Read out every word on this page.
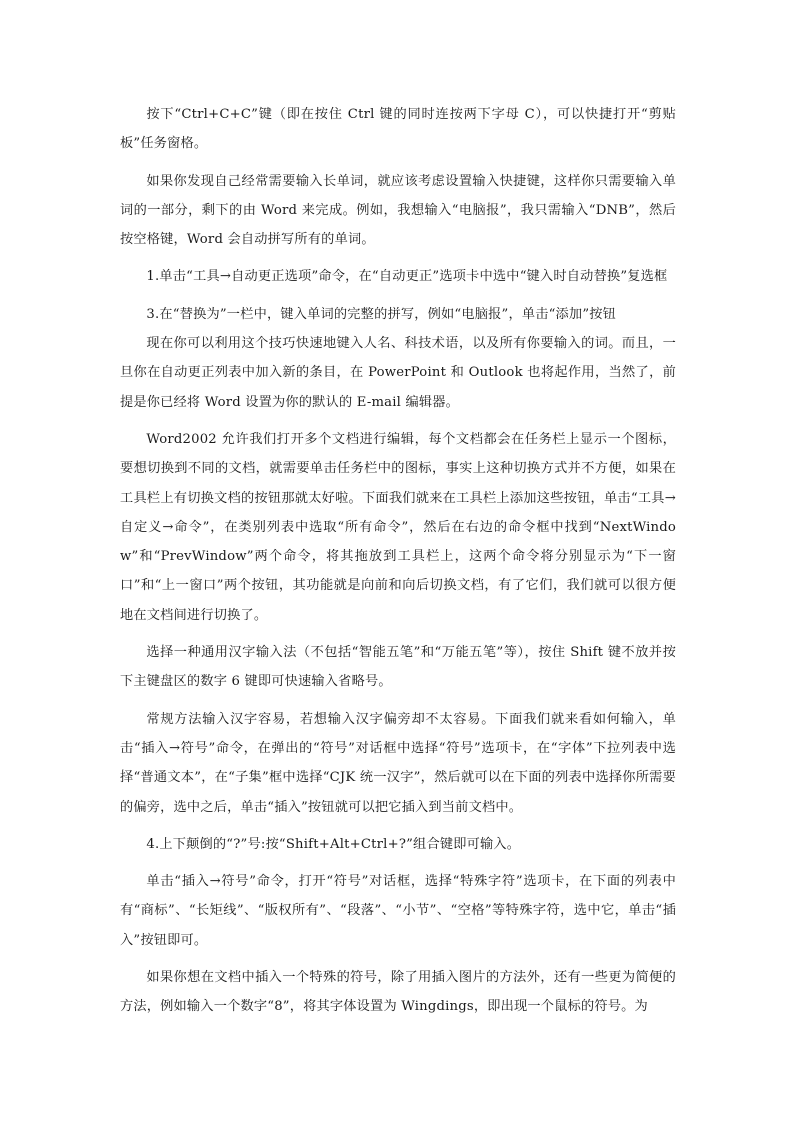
按下“Ctrl+C+C”键（即在按住 Ctrl 键的同时连按两下字母 C），可以快捷打开“剪贴板”任务窗格。

如果你发现自己经常需要输入长单词，就应该考虑设置输入快捷键，这样你只需要输入单词的一部分，剩下的由 Word 来完成。例如，我想输入“电脑报”，我只需输入“DNB”，然后按空格键，Word 会自动拼写所有的单词。

1.单击“工具→自动更正选项”命令，在“自动更正”选项卡中选中“键入时自动替换”复选框

3.在“替换为”一栏中，键入单词的完整的拼写，例如“电脑报”，单击“添加”按钮

现在你可以利用这个技巧快速地键入人名、科技术语，以及所有你要输入的词。而且，一旦你在自动更正列表中加入新的条目，在 PowerPoint 和 Outlook 也将起作用，当然了，前提是你已经将 Word 设置为你的默认的 E-mail 编辑器。

Word2002 允许我们打开多个文档进行编辑，每个文档都会在任务栏上显示一个图标，要想切换到不同的文档，就需要单击任务栏中的图标，事实上这种切换方式并不方便，如果在工具栏上有切换文档的按钮那就太好啦。下面我们就来在工具栏上添加这些按钮，单击“工具→自定义→命令”，在类别列表中选取“所有命令”，然后在右边的命令框中找到“NextWindow”和“PrevWindow”两个命令，将其拖放到工具栏上，这两个命令将分别显示为“下一窗口”和“上一窗口”两个按钮，其功能就是向前和向后切换文档，有了它们，我们就可以很方便地在文档间进行切换了。

选择一种通用汉字输入法（不包括“智能五笔”和“万能五笔”等），按住 Shift 键不放并按下主键盘区的数字 6 键即可快速输入省略号。

常规方法输入汉字容易，若想输入汉字偏旁却不太容易。下面我们就来看如何输入，单击“插入→符号”命令，在弹出的“符号”对话框中选择“符号”选项卡，在“字体”下拉列表中选择“普通文本”，在“子集”框中选择“CJK 统一汉字”，然后就可以在下面的列表中选择你所需要的偏旁，选中之后，单击“插入”按钮就可以把它插入到当前文档中。

4.上下颠倒的“?”号:按“Shift+Alt+Ctrl+?”组合键即可输入。

单击“插入→符号”命令，打开“符号”对话框，选择“特殊字符”选项卡，在下面的列表中有“商标”、“长矩线”、“版权所有”、“段落”、“小节”、“空格”等特殊字符，选中它，单击“插入”按钮即可。

如果你想在文档中插入一个特殊的符号，除了用插入图片的方法外，还有一些更为简便的方法，例如输入一个数字“8”，将其字体设置为 Wingdings，即出现一个鼠标的符号。为
